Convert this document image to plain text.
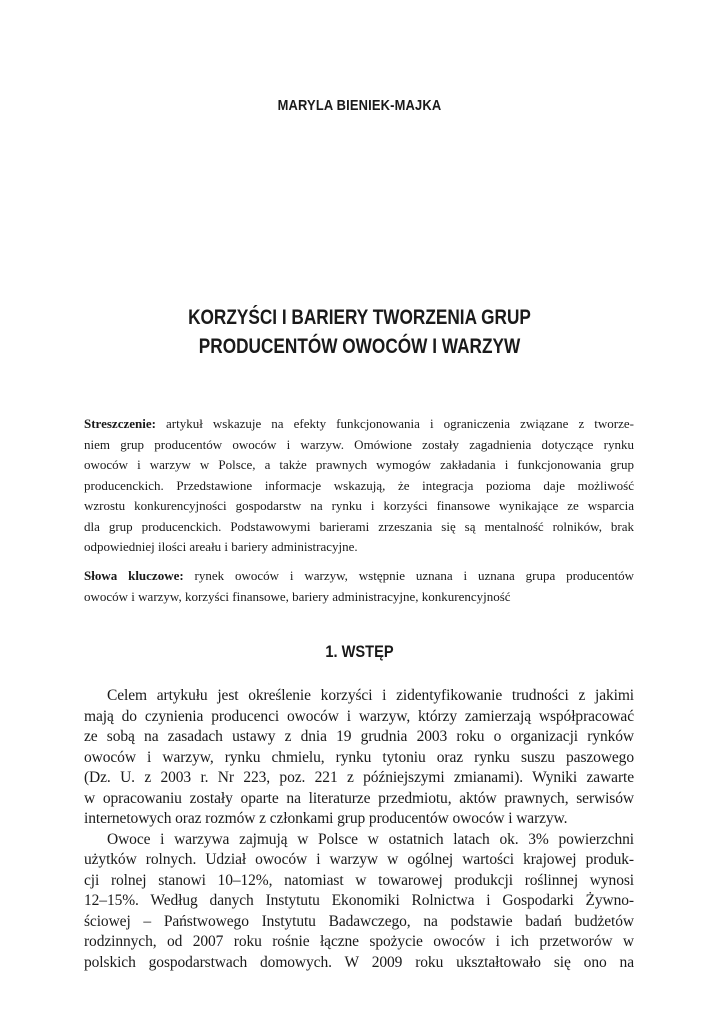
MARYLA BIENIEK-MAJKA
KORZYŚCI I BARIERY TWORZENIA GRUP
PRODUCENTÓW OWOCÓW I WARZYW
Streszczenie: artykuł wskazuje na efekty funkcjonowania i ograniczenia związane z tworze-
niem grup producentów owoców i warzyw. Omówione zostały zagadnienia dotyczące rynku
owoców i warzyw w Polsce, a także prawnych wymogów zakładania i funkcjonowania grup
producenckich. Przedstawione informacje wskazują, że integracja pozioma daje możliwość
wzrostu konkurencyjności gospodarstw na rynku i korzyści finansowe wynikające ze wsparcia
dla grup producenckich. Podstawowymi barierami zrzeszania się są mentalność rolników, brak
odpowiedniej ilości areału i bariery administracyjne.
Słowa kluczowe: rynek owoców i warzyw, wstępnie uznana i uznana grupa producentów
owoców i warzyw, korzyści finansowe, bariery administracyjne, konkurencyjność
1. WSTĘP
Celem artykułu jest określenie korzyści i zidentyfikowanie trudności z jakimi
mają do czynienia producenci owoców i warzyw, którzy zamierzają współpracować
ze sobą na zasadach ustawy z dnia 19 grudnia 2003 roku o organizacji rynków
owoców i warzyw, rynku chmielu, rynku tytoniu oraz rynku suszu paszowego
(Dz. U. z 2003 r. Nr 223, poz. 221 z późniejszymi zmianami). Wyniki zawarte
w opracowaniu zostały oparte na literaturze przedmiotu, aktów prawnych, serwisów
internetowych oraz rozmów z członkami grup producentów owoców i warzyw.
Owoce i warzywa zajmują w Polsce w ostatnich latach ok. 3% powierzchni
użytków rolnych. Udział owoców i warzyw w ogólnej wartości krajowej produk-
cji rolnej stanowi 10–12%, natomiast w towarowej produkcji roślinnej wynosi
12–15%. Według danych Instytutu Ekonomiki Rolnictwa i Gospodarki Żywno-
ściowej – Państwowego Instytutu Badawczego, na podstawie badań budżetów
rodzinnych, od 2007 roku rośnie łączne spożycie owoców i ich przetworów w
polskich gospodarstwach domowych. W 2009 roku ukształtowało się ono na
